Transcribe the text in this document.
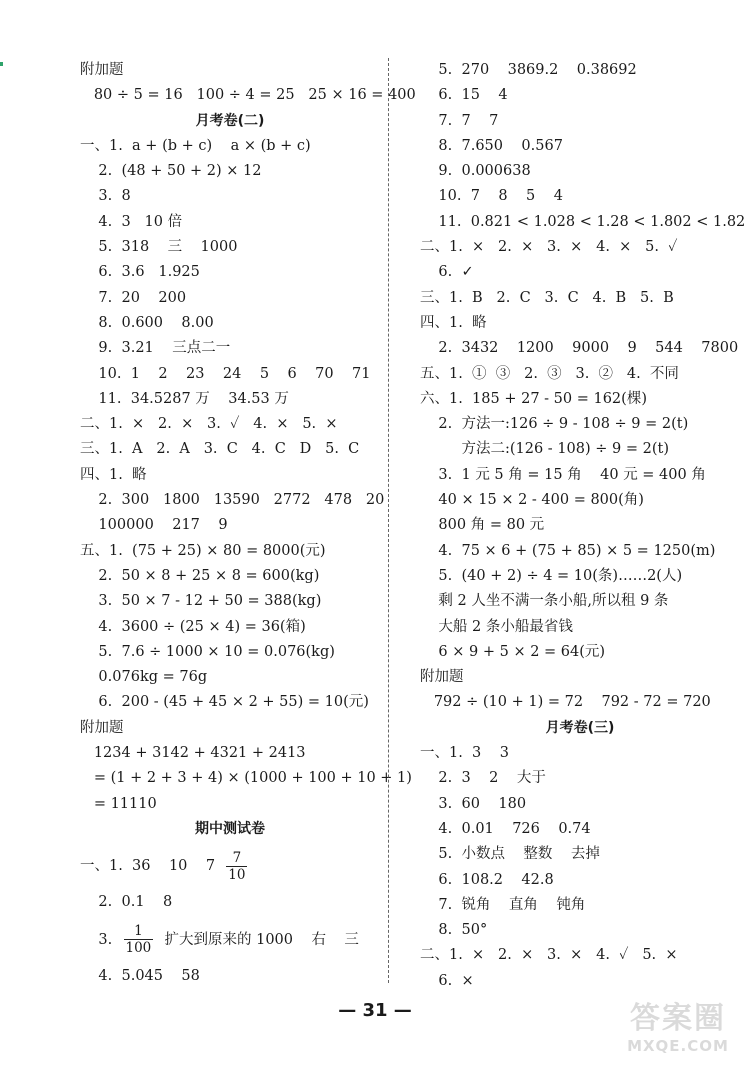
附加题
80 ÷ 5 = 16   100 ÷ 4 = 25   25 × 16 = 400
月考卷(二)
一、1.  a + (b + c)    a × (b + c)
2.  (48 + 50 + 2) × 12
3.  8
4.  3   10 倍
5.  318    三    1000
6.  3.6   1.925
7.  20    200
8.  0.600    8.00
9.  3.21    三点二一
10.  1    2    23    24    5    6    70    71
11.  34.5287 万    34.53 万
二、1.  ×   2.  ×   3.  ✓   4.  ×   5.  ×
三、1.  A   2.  A   3.  C   4.  C   D   5.  C
四、1.  略
2.  300   1800   13590   2772   478   20
100000    217    9
五、1.  (75 + 25) × 80 = 8000(元)
2.  50 × 8 + 25 × 8 = 600(kg)
3.  50 × 7 - 12 + 50 = 388(kg)
4.  3600 ÷ (25 × 4) = 36(箱)
5.  7.6 ÷ 1000 × 10 = 0.076(kg)
0.076kg = 76g
6.  200 - (45 + 45 × 2 + 55) = 10(元)
附加题
1234 + 3142 + 4321 + 2413
= (1 + 2 + 3 + 4) × (1000 + 100 + 10 + 1)
= 11110
期中测试卷
一、1.  36    10    $7 \frac{7}{10}$
2.  0.1    8
3. $\frac{1}{100}$ 扩大到原来的 1000    右    三
4.  5.045    58
5.  270    3869.2    0.38692
6.  15    4
7.  7    7
8.  7.650    0.567
9.  0.000638
10.  7    8    5    4
11.  0.821 < 1.028 < 1.28 < 1.802 < 1.82
二、1.  ×   2.  ×   3.  ×   4.  ×   5.  ✓
6.  ✓
三、1.  B   2.  C   3.  C   4.  B   5.  B
四、1.  略
2.  3432    1200    9000    9    544    7800
五、1.  ①  ③   2.  ③   3.  ②   4.  不同
六、1.  185 + 27 - 50 = 162(棵)
2.  方法一:126 ÷ 9 - 108 ÷ 9 = 2(t)
方法二:(126 - 108) ÷ 9 = 2(t)
3.  1 元 5 角 = 15 角    40 元 = 400 角
40 × 15 × 2 - 400 = 800(角)
800 角 = 80 元
4.  75 × 6 + (75 + 85) × 5 = 1250(m)
5.  (40 + 2) ÷ 4 = 10(条)……2(人)
剩 2 人坐不满一条小船,所以租 9 条
大船 2 条小船最省钱
6 × 9 + 5 × 2 = 64(元)
附加题
792 ÷ (10 + 1) = 72    792 - 72 = 720
月考卷(三)
一、1.  3    3
2.  3    2    大于
3.  60    180
4.  0.01    726    0.74
5.  小数点    整数    去掉
6.  108.2    42.8
7.  锐角    直角    钝角
8.  50°
二、1.  ×   2.  ×   3.  ×   4.  ✓   5.  ×
6.  ×
— 31 —	答案圈
MXQE.COM
